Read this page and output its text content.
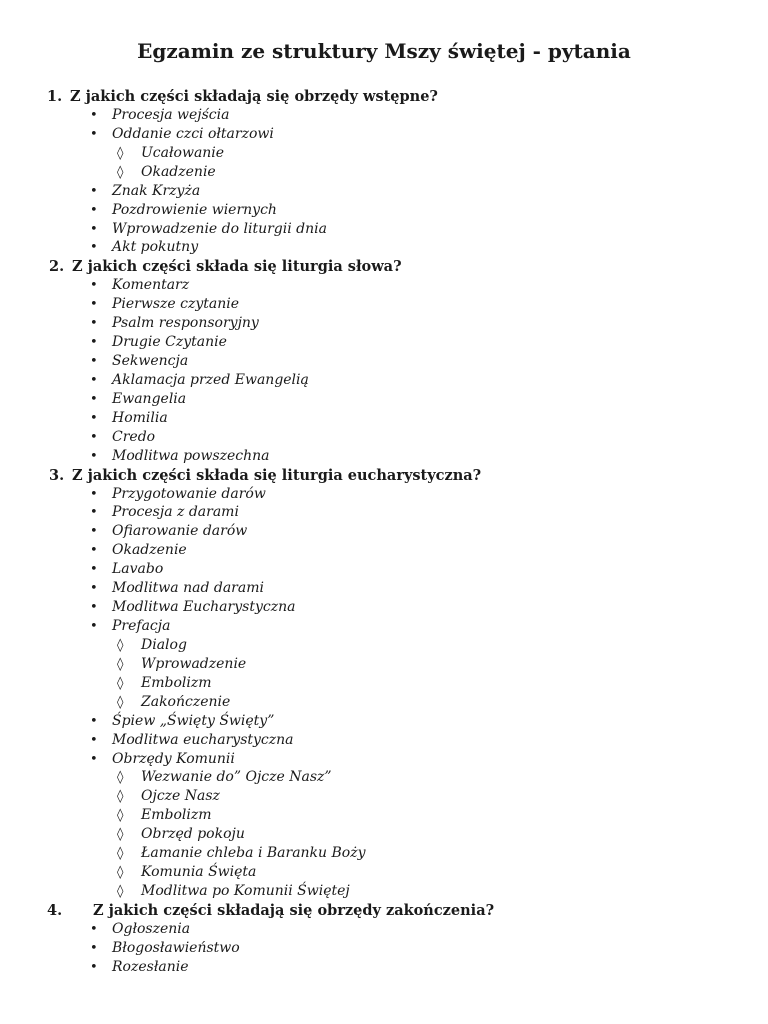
Egzamin ze struktury Mszy świętej - pytania
1. Z jakich części składają się obrzędy wstępne?
• Procesja wejścia
• Oddanie czci ołtarzowi
◊ Ucałowanie
◊ Okadzenie
• Znak Krzyża
• Pozdrowienie wiernych
• Wprowadzenie do liturgii dnia
• Akt pokutny
2. Z jakich części składa się liturgia słowa?
• Komentarz
• Pierwsze czytanie
• Psalm responsoryjny
• Drugie Czytanie
• Sekwencja
• Aklamacja przed Ewangelią
• Ewangelia
• Homilia
• Credo
• Modlitwa powszechna
3. Z jakich części składa się liturgia eucharystyczna?
• Przygotowanie darów
• Procesja z darami
• Ofiarowanie darów
• Okadzenie
• Lavabo
• Modlitwa nad darami
• Modlitwa Eucharystyczna
• Prefacja
◊ Dialog
◊ Wprowadzenie
◊ Embolizm
◊ Zakończenie
• Śpiew „Święty Święty”
• Modlitwa eucharystyczna
• Obrzędy Komunii
◊ Wezwanie do” Ojcze Nasz”
◊ Ojcze Nasz
◊ Embolizm
◊ Obrzęd pokoju
◊ Łamanie chleba i Baranku Boży
◊ Komunia Święta
◊ Modlitwa po Komunii Świętej
4. Z jakich części składają się obrzędy zakończenia?
• Ogłoszenia
• Błogosławieństwo
• Rozesłanie
